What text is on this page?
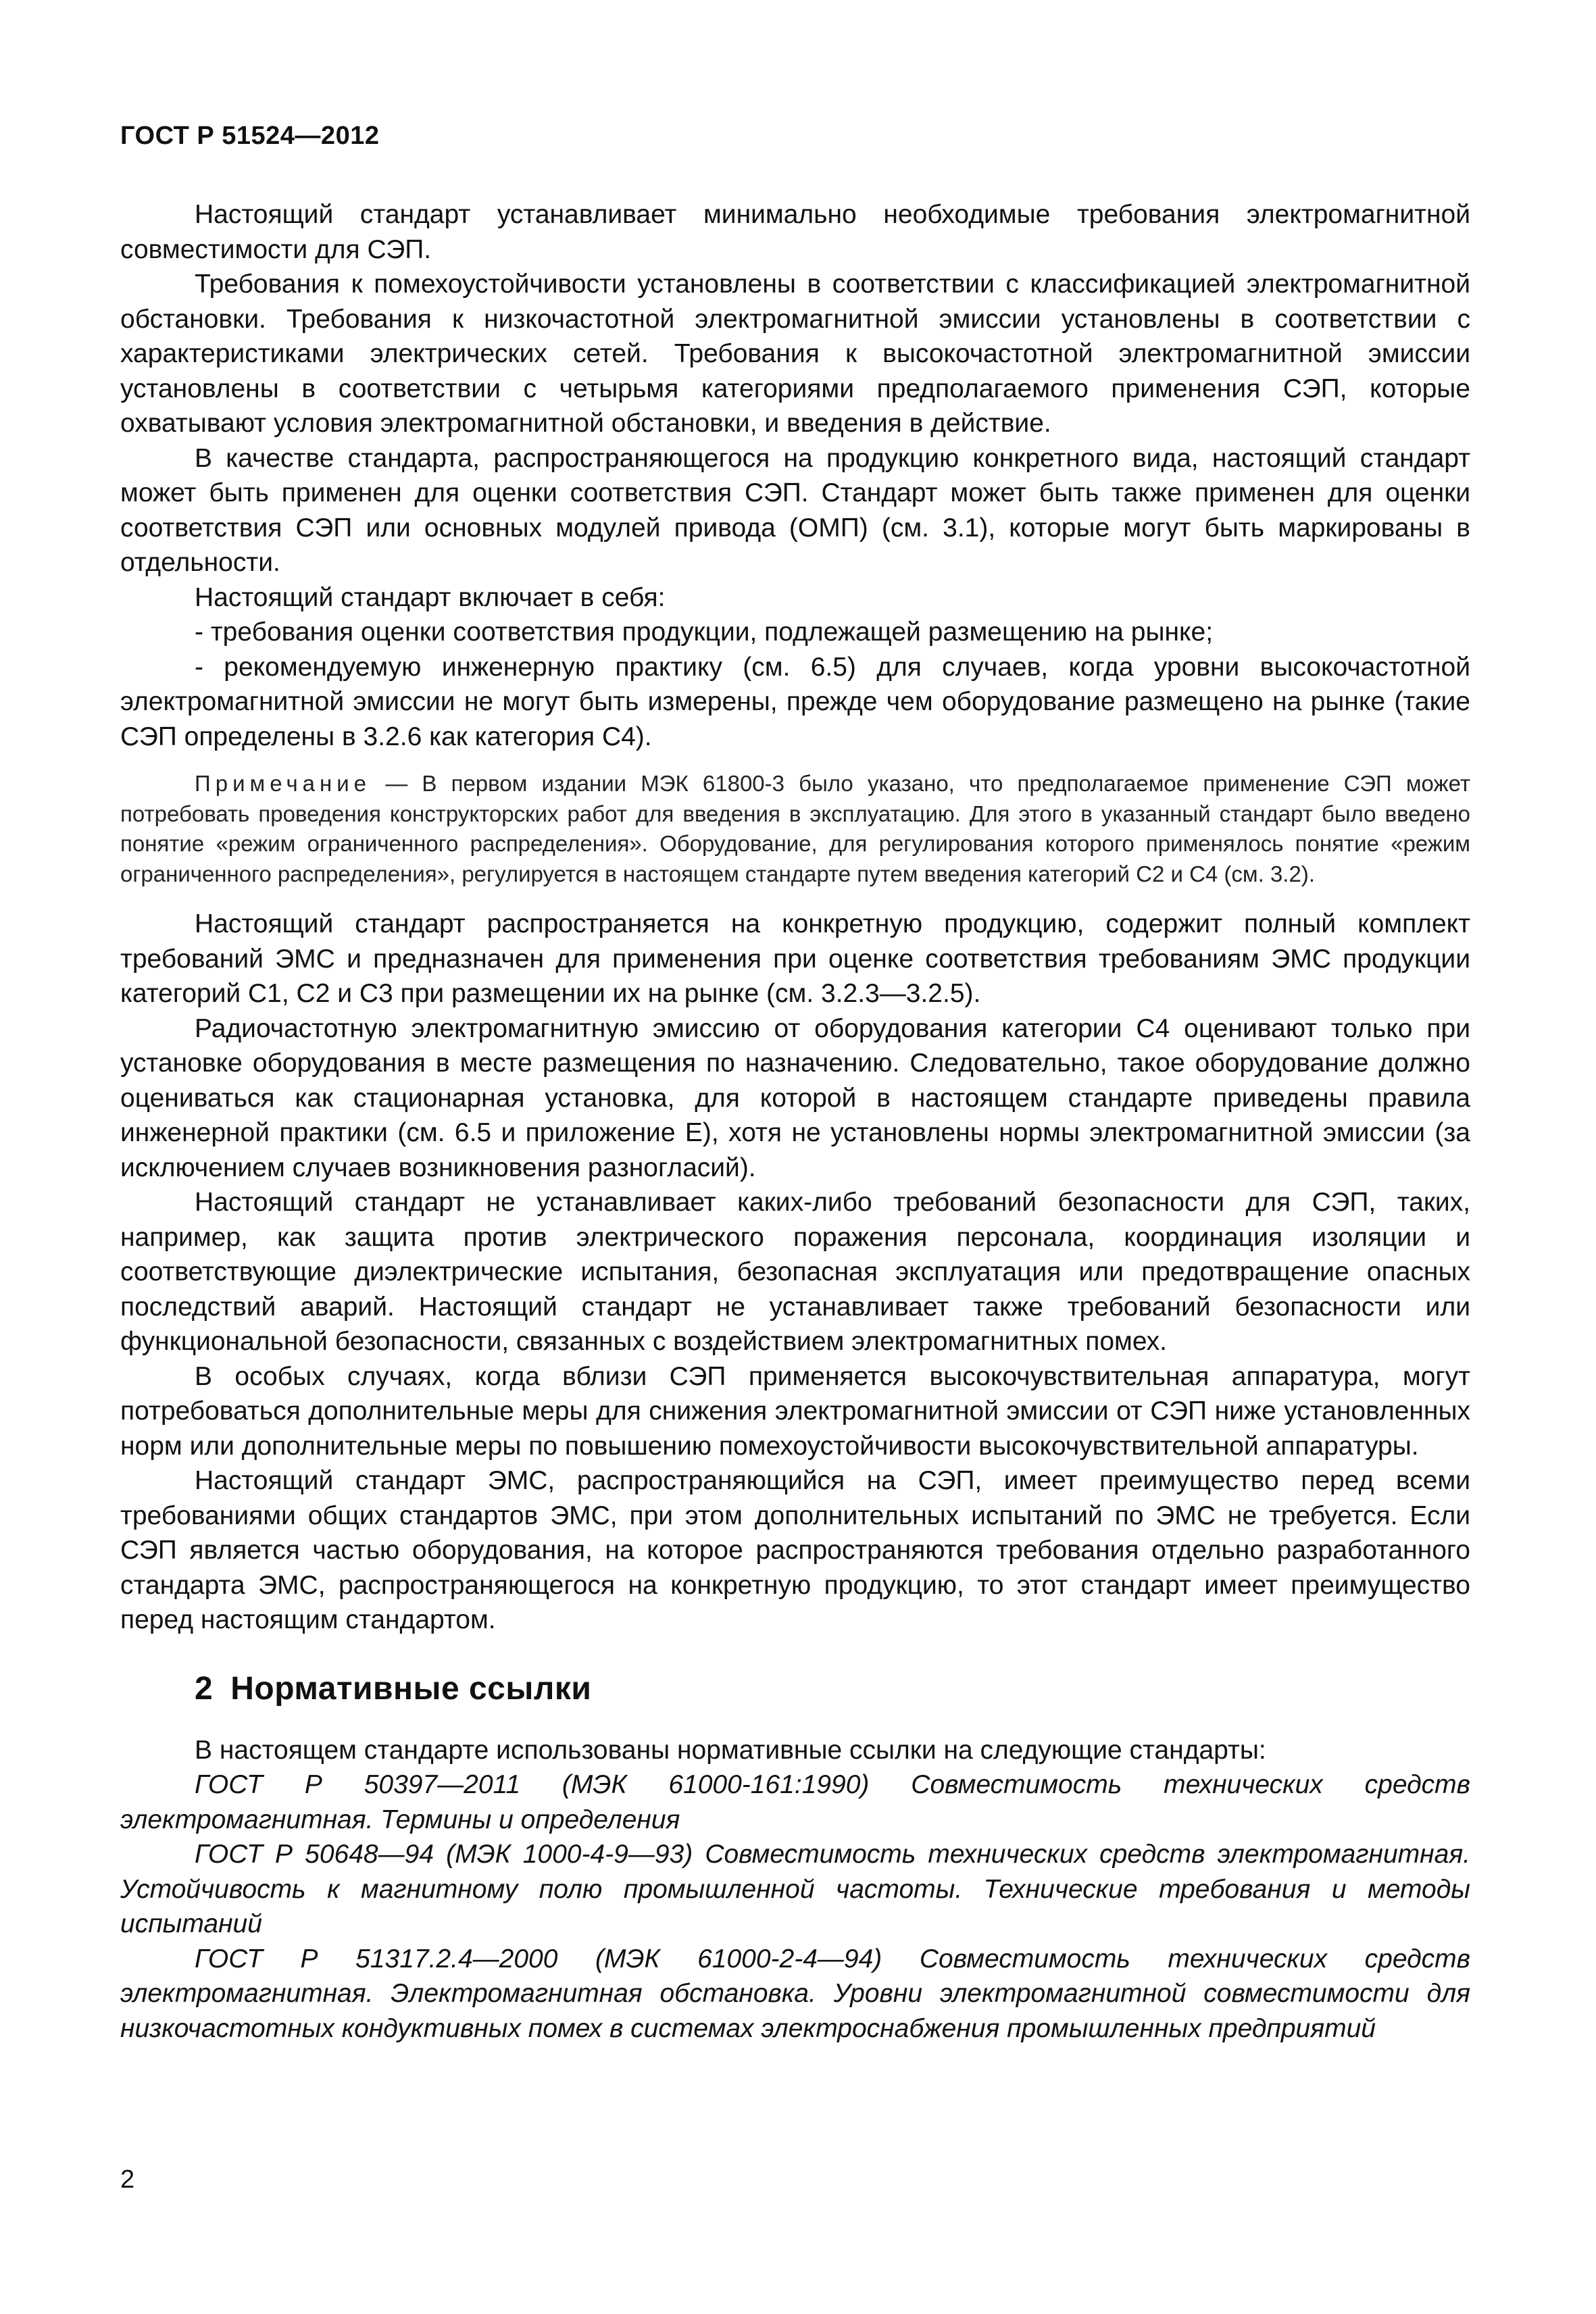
ГОСТ Р 51524—2012

Настоящий стандарт устанавливает минимально необходимые требования электромагнитной совместимости для СЭП.

Требования к помехоустойчивости установлены в соответствии с классификацией электромагнитной обстановки. Требования к низкочастотной электромагнитной эмиссии установлены в соответствии с характеристиками электрических сетей. Требования к высокочастотной электромагнитной эмиссии установлены в соответствии с четырьмя категориями предполагаемого применения СЭП, которые охватывают условия электромагнитной обстановки, и введения в действие.

В качестве стандарта, распространяющегося на продукцию конкретного вида, настоящий стандарт может быть применен для оценки соответствия СЭП. Стандарт может быть также применен для оценки соответствия СЭП или основных модулей привода (ОМП) (см. 3.1), которые могут быть маркированы в отдельности.

Настоящий стандарт включает в себя:

- требования оценки соответствия продукции, подлежащей размещению на рынке;

- рекомендуемую инженерную практику (см. 6.5) для случаев, когда уровни высокочастотной электромагнитной эмиссии не могут быть измерены, прежде чем оборудование размещено на рынке (такие СЭП определены в 3.2.6 как категория С4).

Примечание — В первом издании МЭК 61800-3 было указано, что предполагаемое применение СЭП может потребовать проведения конструкторских работ для введения в эксплуатацию. Для этого в указанный стандарт было введено понятие «режим ограниченного распределения». Оборудование, для регулирования которого применялось понятие «режим ограниченного распределения», регулируется в настоящем стандарте путем введения категорий С2 и С4 (см. 3.2).

Настоящий стандарт распространяется на конкретную продукцию, содержит полный комплект требований ЭМС и предназначен для применения при оценке соответствия требованиям ЭМС продукции категорий С1, С2 и С3 при размещении их на рынке (см. 3.2.3—3.2.5).

Радиочастотную электромагнитную эмиссию от оборудования категории С4 оценивают только при установке оборудования в месте размещения по назначению. Следовательно, такое оборудование должно оцениваться как стационарная установка, для которой в настоящем стандарте приведены правила инженерной практики (см. 6.5 и приложение Е), хотя не установлены нормы электромагнитной эмиссии (за исключением случаев возникновения разногласий).

Настоящий стандарт не устанавливает каких-либо требований безопасности для СЭП, таких, например, как защита против электрического поражения персонала, координация изоляции и соответствующие диэлектрические испытания, безопасная эксплуатация или предотвращение опасных последствий аварий. Настоящий стандарт не устанавливает также требований безопасности или функциональной безопасности, связанных с воздействием электромагнитных помех.

В особых случаях, когда вблизи СЭП применяется высокочувствительная аппаратура, могут потребоваться дополнительные меры для снижения электромагнитной эмиссии от СЭП ниже установленных норм или дополнительные меры по повышению помехоустойчивости высокочувствительной аппаратуры.

Настоящий стандарт ЭМС, распространяющийся на СЭП, имеет преимущество перед всеми требованиями общих стандартов ЭМС, при этом дополнительных испытаний по ЭМС не требуется. Если СЭП является частью оборудования, на которое распространяются требования отдельно разработанного стандарта ЭМС, распространяющегося на конкретную продукцию, то этот стандарт имеет преимущество перед настоящим стандартом.

2 Нормативные ссылки

В настоящем стандарте использованы нормативные ссылки на следующие стандарты:

ГОСТ Р 50397—2011 (МЭК 61000-161:1990) Совместимость технических средств электромагнитная. Термины и определения

ГОСТ Р 50648—94 (МЭК 1000-4-9—93) Совместимость технических средств электромагнитная. Устойчивость к магнитному полю промышленной частоты. Технические требования и методы испытаний

ГОСТ Р 51317.2.4—2000 (МЭК 61000-2-4—94) Совместимость технических средств электромагнитная. Электромагнитная обстановка. Уровни электромагнитной совместимости для низкочастотных кондуктивных помех в системах электроснабжения промышленных предприятий

2
